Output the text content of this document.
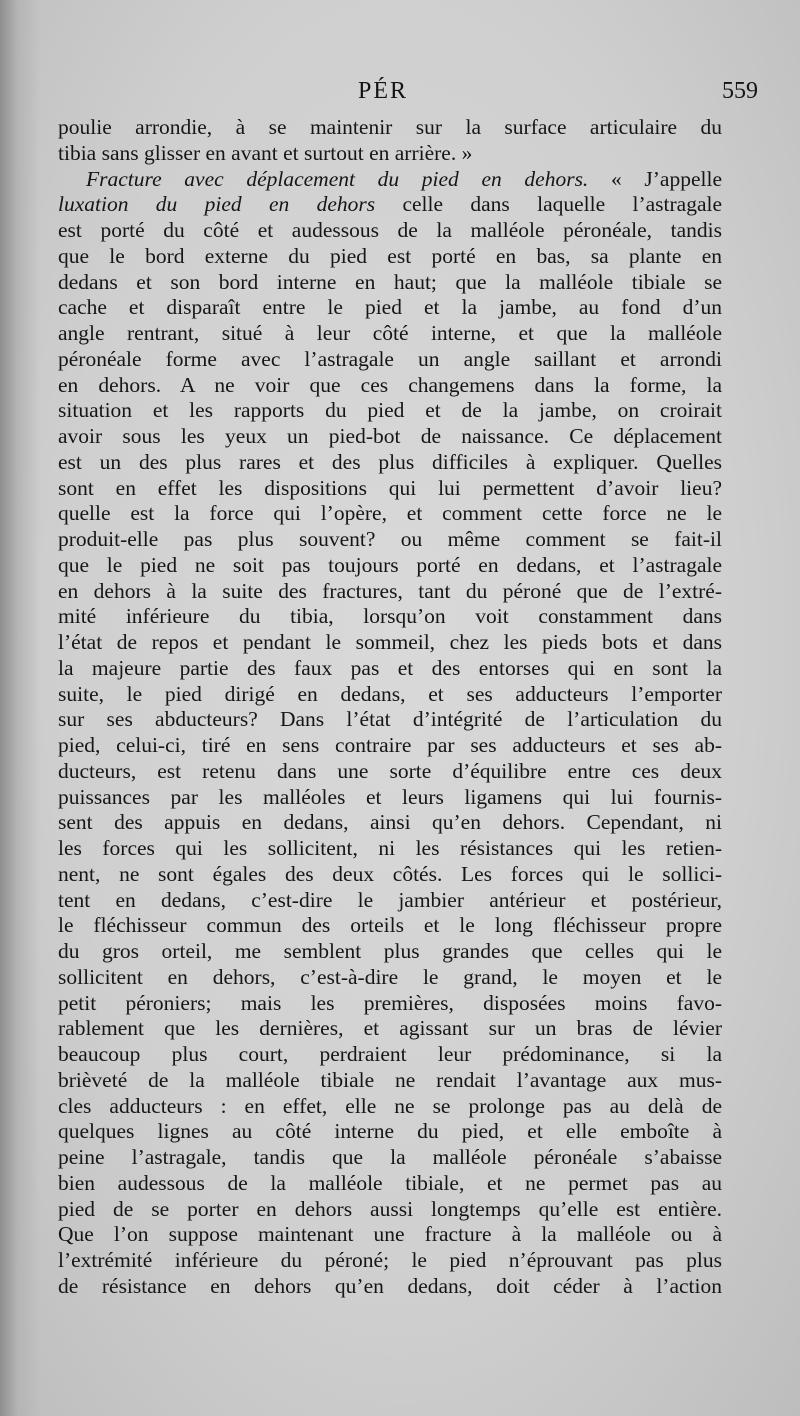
PÉR	559
poulie arrondie, à se maintenir sur la surface articulaire du
tibia sans glisser en avant et surtout en arrière. »
Fracture avec déplacement du pied en dehors. « J’appelle
luxation du pied en dehors celle dans laquelle l’astragale
est porté du côté et audessous de la malléole péronéale, tandis
que le bord externe du pied est porté en bas, sa plante en
dedans et son bord interne en haut; que la malléole tibiale se
cache et disparaît entre le pied et la jambe, au fond d’un
angle rentrant, situé à leur côté interne, et que la malléole
péronéale forme avec l’astragale un angle saillant et arrondi
en dehors. A ne voir que ces changemens dans la forme, la
situation et les rapports du pied et de la jambe, on croirait
avoir sous les yeux un pied-bot de naissance. Ce déplacement
est un des plus rares et des plus difficiles à expliquer. Quelles
sont en effet les dispositions qui lui permettent d’avoir lieu?
quelle est la force qui l’opère, et comment cette force ne le
produit-elle pas plus souvent? ou même comment se fait-il
que le pied ne soit pas toujours porté en dedans, et l’astragale
en dehors à la suite des fractures, tant du péroné que de l’extré-
mité inférieure du tibia, lorsqu’on voit constamment dans
l’état de repos et pendant le sommeil, chez les pieds bots et dans
la majeure partie des faux pas et des entorses qui en sont la
suite, le pied dirigé en dedans, et ses adducteurs l’emporter
sur ses abducteurs? Dans l’état d’intégrité de l’articulation du
pied, celui-ci, tiré en sens contraire par ses adducteurs et ses ab-
ducteurs, est retenu dans une sorte d’équilibre entre ces deux
puissances par les malléoles et leurs ligamens qui lui fournis-
sent des appuis en dedans, ainsi qu’en dehors. Cependant, ni
les forces qui les sollicitent, ni les résistances qui les retien-
nent, ne sont égales des deux côtés. Les forces qui le sollici-
tent en dedans, c’est-dire le jambier antérieur et postérieur,
le fléchisseur commun des orteils et le long fléchisseur propre
du gros orteil, me semblent plus grandes que celles qui le
sollicitent en dehors, c’est-à-dire le grand, le moyen et le
petit péroniers; mais les premières, disposées moins favo-
rablement que les dernières, et agissant sur un bras de lévier
beaucoup plus court, perdraient leur prédominance, si la
brièveté de la malléole tibiale ne rendait l’avantage aux mus-
cles adducteurs : en effet, elle ne se prolonge pas au delà de
quelques lignes au côté interne du pied, et elle emboîte à
peine l’astragale, tandis que la malléole péronéale s’abaisse
bien audessous de la malléole tibiale, et ne permet pas au
pied de se porter en dehors aussi longtemps qu’elle est entière.
Que l’on suppose maintenant une fracture à la malléole ou à
l’extrémité inférieure du péroné; le pied n’éprouvant pas plus
de résistance en dehors qu’en dedans, doit céder à l’action
